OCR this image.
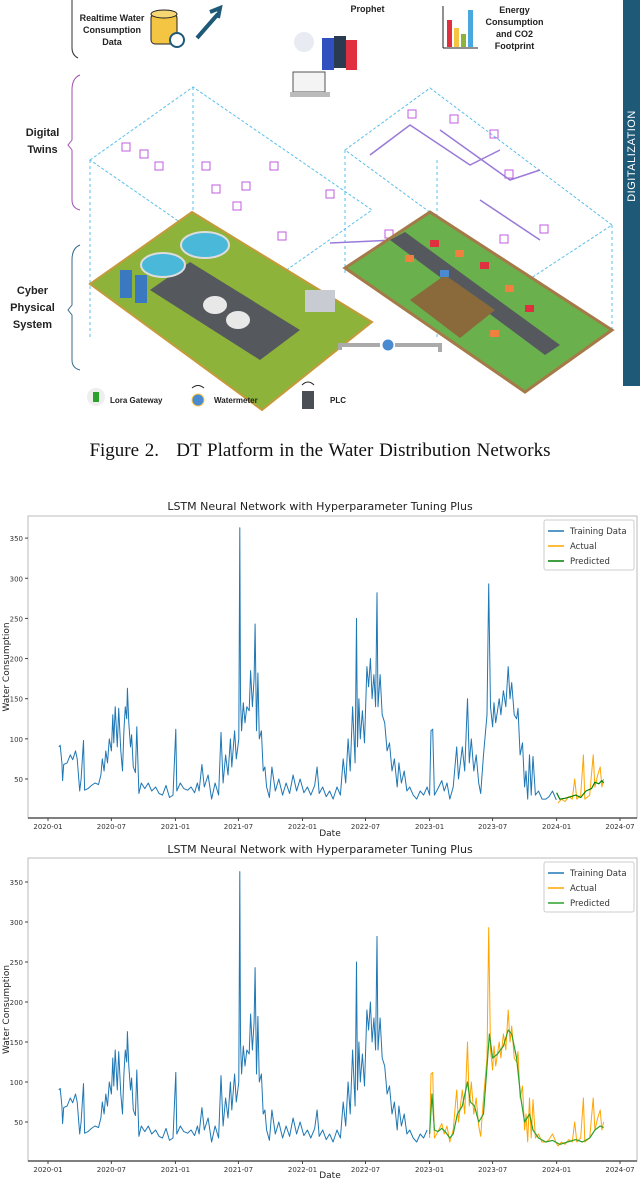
Realtime Water Consumption Data
Prophet	Energy Consumption and CO2 Footprint
Digital Twins
Cyber Physical System
Lora Gateway	Watermeter	PLC
DIGITALIZATION
Figure 2.   DT Platform in the Water Distribution Networks
LSTM Neural Network with Hyperparameter Tuning Plus
Date
Water Consumption
50
100
150
200
250
300
350
2020-01	2020-07	2021-01	2021-07	2022-01	2022-07	2023-01	2023-07	2024-01	2024-07
Training Data
Actual
Predicted
LSTM Neural Network with Hyperparameter Tuning Plus
Date
Water Consumption
50
100
150
200
250
300
350
2020-01	2020-07	2021-01	2021-07	2022-01	2022-07	2023-01	2023-07	2024-01	2024-07
Training Data
Actual
Predicted
